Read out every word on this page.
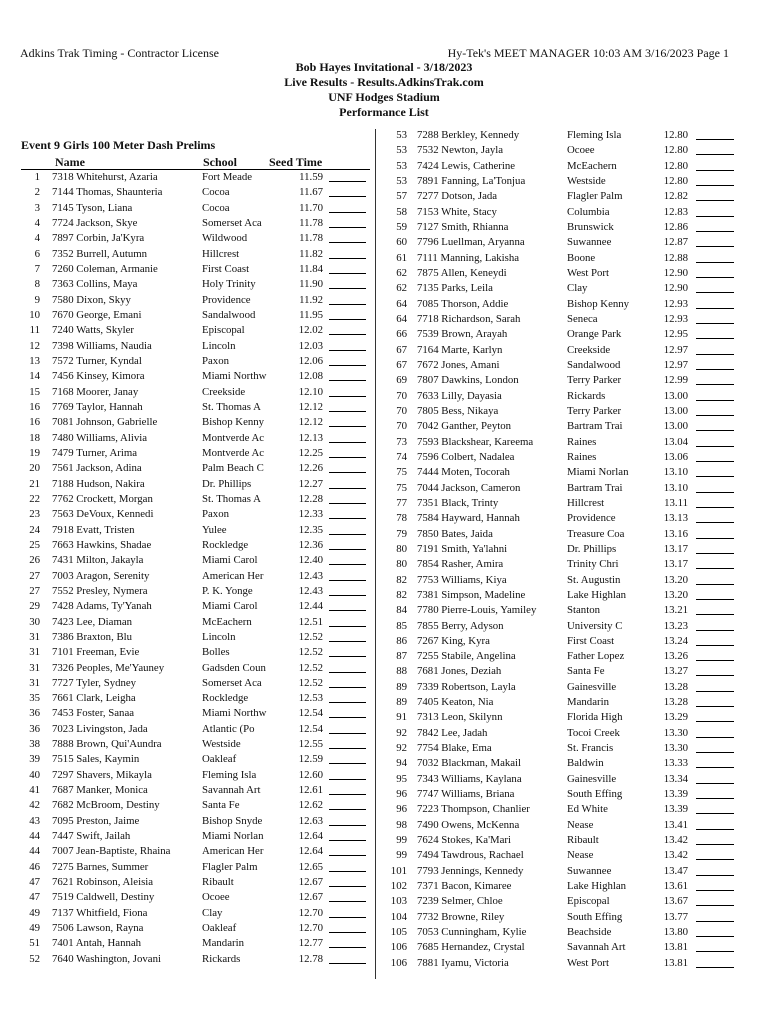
Adkins Trak Timing - Contractor License	Hy-Tek's MEET MANAGER 10:03 AM 3/16/2023 Page 1
Bob Hayes Invitational - 3/18/2023
Live Results - Results.AdkinsTrak.com
UNF Hodges Stadium
Performance List
Event 9 Girls 100 Meter Dash Prelims
Name	School	Seed Time
1 7318 Whitehurst, Azaria	Fort Meade	11.59
2 7144 Thomas, Shaunteria	Cocoa	11.67
3 7145 Tyson, Liana	Cocoa	11.70
4 7724 Jackson, Skye	Somerset Aca	11.78
4 7897 Corbin, Ja'Kyra	Wildwood	11.78
6 7352 Burrell, Autumn	Hillcrest	11.82
7 7260 Coleman, Armanie	First Coast	11.84
8 7363 Collins, Maya	Holy Trinity	11.90
9 7580 Dixon, Skyy	Providence	11.92
10 7670 George, Emani	Sandalwood	11.95
11 7240 Watts, Skyler	Episcopal	12.02
12 7398 Williams, Naudia	Lincoln	12.03
13 7572 Turner, Kyndal	Paxon	12.06
14 7456 Kinsey, Kimora	Miami Northw	12.08
15 7168 Moorer, Janay	Creekside	12.10
16 7769 Taylor, Hannah	St. Thomas A	12.12
16 7081 Johnson, Gabrielle	Bishop Kenny	12.12
18 7480 Williams, Alivia	Montverde Ac	12.13
19 7479 Turner, Arima	Montverde Ac	12.25
20 7561 Jackson, Adina	Palm Beach C	12.26
21 7188 Hudson, Nakira	Dr. Phillips	12.27
22 7762 Crockett, Morgan	St. Thomas A	12.28
23 7563 DeVoux, Kennedi	Paxon	12.33
24 7918 Evatt, Tristen	Yulee	12.35
25 7663 Hawkins, Shadae	Rockledge	12.36
26 7431 Milton, Jakayla	Miami Carol	12.40
27 7003 Aragon, Serenity	American Her	12.43
27 7552 Presley, Nymera	P. K. Yonge	12.43
29 7428 Adams, Ty'Yanah	Miami Carol	12.44
30 7423 Lee, Diaman	McEachern	12.51
31 7386 Braxton, Blu	Lincoln	12.52
31 7101 Freeman, Evie	Bolles	12.52
31 7326 Peoples, Me'Yauney	Gadsden Coun	12.52
31 7727 Tyler, Sydney	Somerset Aca	12.52
35 7661 Clark, Leigha	Rockledge	12.53
36 7453 Foster, Sanaa	Miami Northw	12.54
36 7023 Livingston, Jada	Atlantic (Po	12.54
38 7888 Brown, Qui'Aundra	Westside	12.55
39 7515 Sales, Kaymin	Oakleaf	12.59
40 7297 Shavers, Mikayla	Fleming Isla	12.60
41 7687 Manker, Monica	Savannah Art	12.61
42 7682 McBroom, Destiny	Santa Fe	12.62
43 7095 Preston, Jaime	Bishop Snyde	12.63
44 7447 Swift, Jailah	Miami Norlan	12.64
44 7007 Jean-Baptiste, Rhaina	American Her	12.64
46 7275 Barnes, Summer	Flagler Palm	12.65
47 7621 Robinson, Aleisia	Ribault	12.67
47 7519 Caldwell, Destiny	Ocoee	12.67
49 7137 Whitfield, Fiona	Clay	12.70
49 7506 Lawson, Rayna	Oakleaf	12.70
51 7401 Antah, Hannah	Mandarin	12.77
52 7640 Washington, Jovani	Rickards	12.78
53 7288 Berkley, Kennedy	Fleming Isla	12.80
53 7532 Newton, Jayla	Ocoee	12.80
53 7424 Lewis, Catherine	McEachern	12.80
53 7891 Fanning, La'Tonjua	Westside	12.80
57 7277 Dotson, Jada	Flagler Palm	12.82
58 7153 White, Stacy	Columbia	12.83
59 7127 Smith, Rhianna	Brunswick	12.86
60 7796 Luellman, Aryanna	Suwannee	12.87
61 7111 Manning, Lakisha	Boone	12.88
62 7875 Allen, Keneydi	West Port	12.90
62 7135 Parks, Leila	Clay	12.90
64 7085 Thorson, Addie	Bishop Kenny	12.93
64 7718 Richardson, Sarah	Seneca	12.93
66 7539 Brown, Arayah	Orange Park	12.95
67 7164 Marte, Karlyn	Creekside	12.97
67 7672 Jones, Amani	Sandalwood	12.97
69 7807 Dawkins, London	Terry Parker	12.99
70 7633 Lilly, Dayasia	Rickards	13.00
70 7805 Bess, Nikaya	Terry Parker	13.00
70 7042 Ganther, Peyton	Bartram Trai	13.00
73 7593 Blackshear, Kareema	Raines	13.04
74 7596 Colbert, Nadalea	Raines	13.06
75 7444 Moten, Tocorah	Miami Norlan	13.10
75 7044 Jackson, Cameron	Bartram Trai	13.10
77 7351 Black, Trinty	Hillcrest	13.11
78 7584 Hayward, Hannah	Providence	13.13
79 7850 Bates, Jaida	Treasure Coa	13.16
80 7191 Smith, Ya'lahni	Dr. Phillips	13.17
80 7854 Rasher, Amira	Trinity Chri	13.17
82 7753 Williams, Kiya	St. Augustin	13.20
82 7381 Simpson, Madeline	Lake Highlan	13.20
84 7780 Pierre-Louis, Yamiley	Stanton	13.21
85 7855 Berry, Adyson	University C	13.23
86 7267 King, Kyra	First Coast	13.24
87 7255 Stabile, Angelina	Father Lopez	13.26
88 7681 Jones, Deziah	Santa Fe	13.27
89 7339 Robertson, Layla	Gainesville	13.28
89 7405 Keaton, Nia	Mandarin	13.28
91 7313 Leon, Skilynn	Florida High	13.29
92 7842 Lee, Jadah	Tocoi Creek	13.30
92 7754 Blake, Ema	St. Francis	13.30
94 7032 Blackman, Makail	Baldwin	13.33
95 7343 Williams, Kaylana	Gainesville	13.34
96 7747 Williams, Briana	South Effing	13.39
96 7223 Thompson, Chanlier	Ed White	13.39
98 7490 Owens, McKenna	Nease	13.41
99 7624 Stokes, Ka'Mari	Ribault	13.42
99 7494 Tawdrous, Rachael	Nease	13.42
101 7793 Jennings, Kennedy	Suwannee	13.47
102 7371 Bacon, Kimaree	Lake Highlan	13.61
103 7239 Selmer, Chloe	Episcopal	13.67
104 7732 Browne, Riley	South Effing	13.77
105 7053 Cunningham, Kylie	Beachside	13.80
106 7685 Hernandez, Crystal	Savannah Art	13.81
106 7881 Iyamu, Victoria	West Port	13.81
